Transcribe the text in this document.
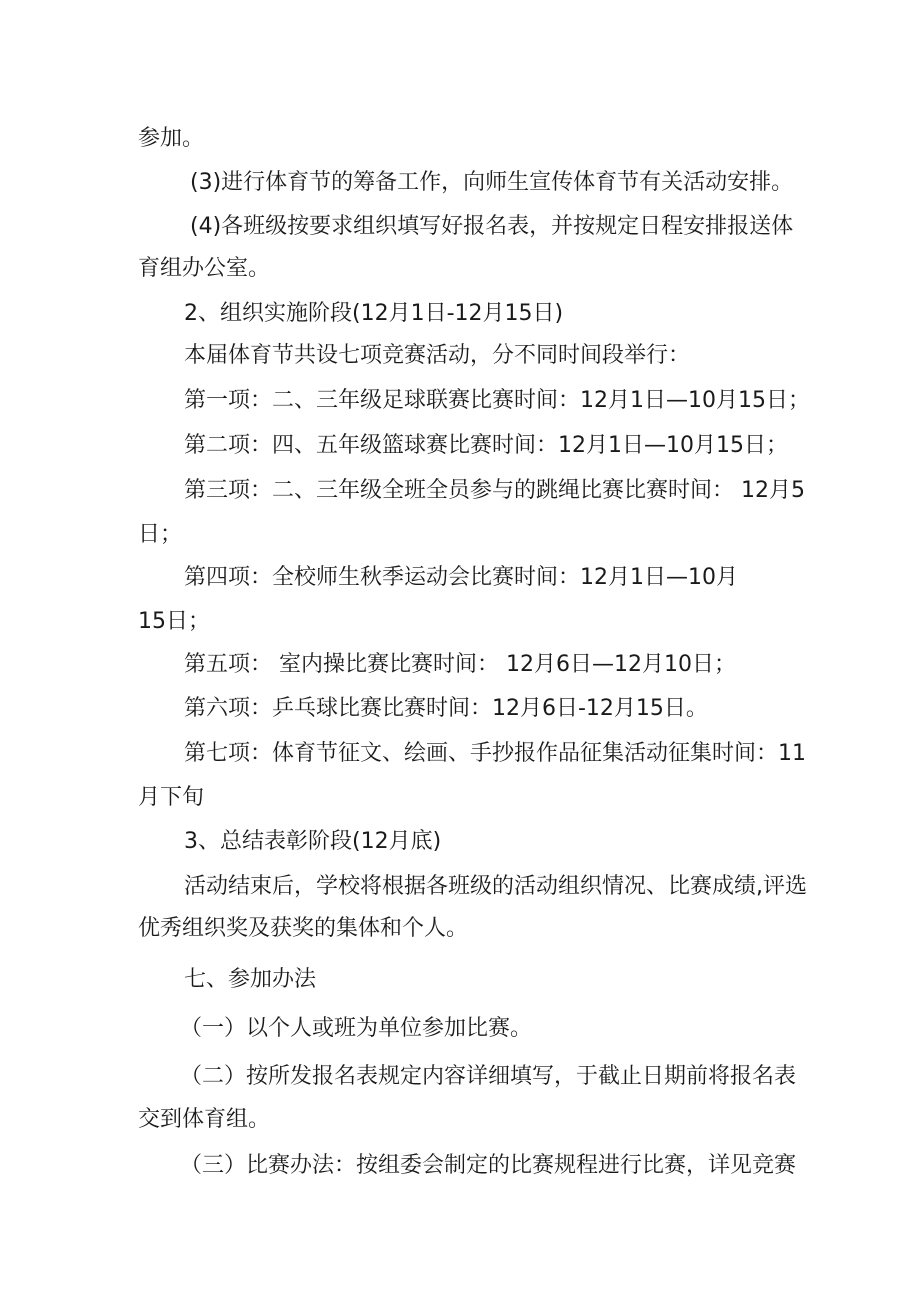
参加。
(3)进行体育节的筹备工作，向师生宣传体育节有关活动安排。
(4)各班级按要求组织填写好报名表，并按规定日程安排报送体
育组办公室。
2、组织实施阶段(12月1日-12月15日)
本届体育节共设七项竞赛活动，分不同时间段举行：
第一项：二、三年级足球联赛比赛时间：12月1日—10月15日；
第二项：四、五年级篮球赛比赛时间：12月1日—10月15日；
第三项：二、三年级全班全员参与的跳绳比赛比赛时间： 12月5
日；
第四项：全校师生秋季运动会比赛时间：12月1日—10月
15日；
第五项： 室内操比赛比赛时间： 12月6日—12月10日；
第六项：乒乓球比赛比赛时间：12月6日-12月15日。
第七项：体育节征文、绘画、手抄报作品征集活动征集时间：11
月下旬
3、总结表彰阶段(12月底)
活动结束后，学校将根据各班级的活动组织情况、比赛成绩,评选
优秀组织奖及获奖的集体和个人。
七、参加办法
（一）以个人或班为单位参加比赛。
（二）按所发报名表规定内容详细填写，于截止日期前将报名表
交到体育组。
（三）比赛办法：按组委会制定的比赛规程进行比赛，详见竞赛
